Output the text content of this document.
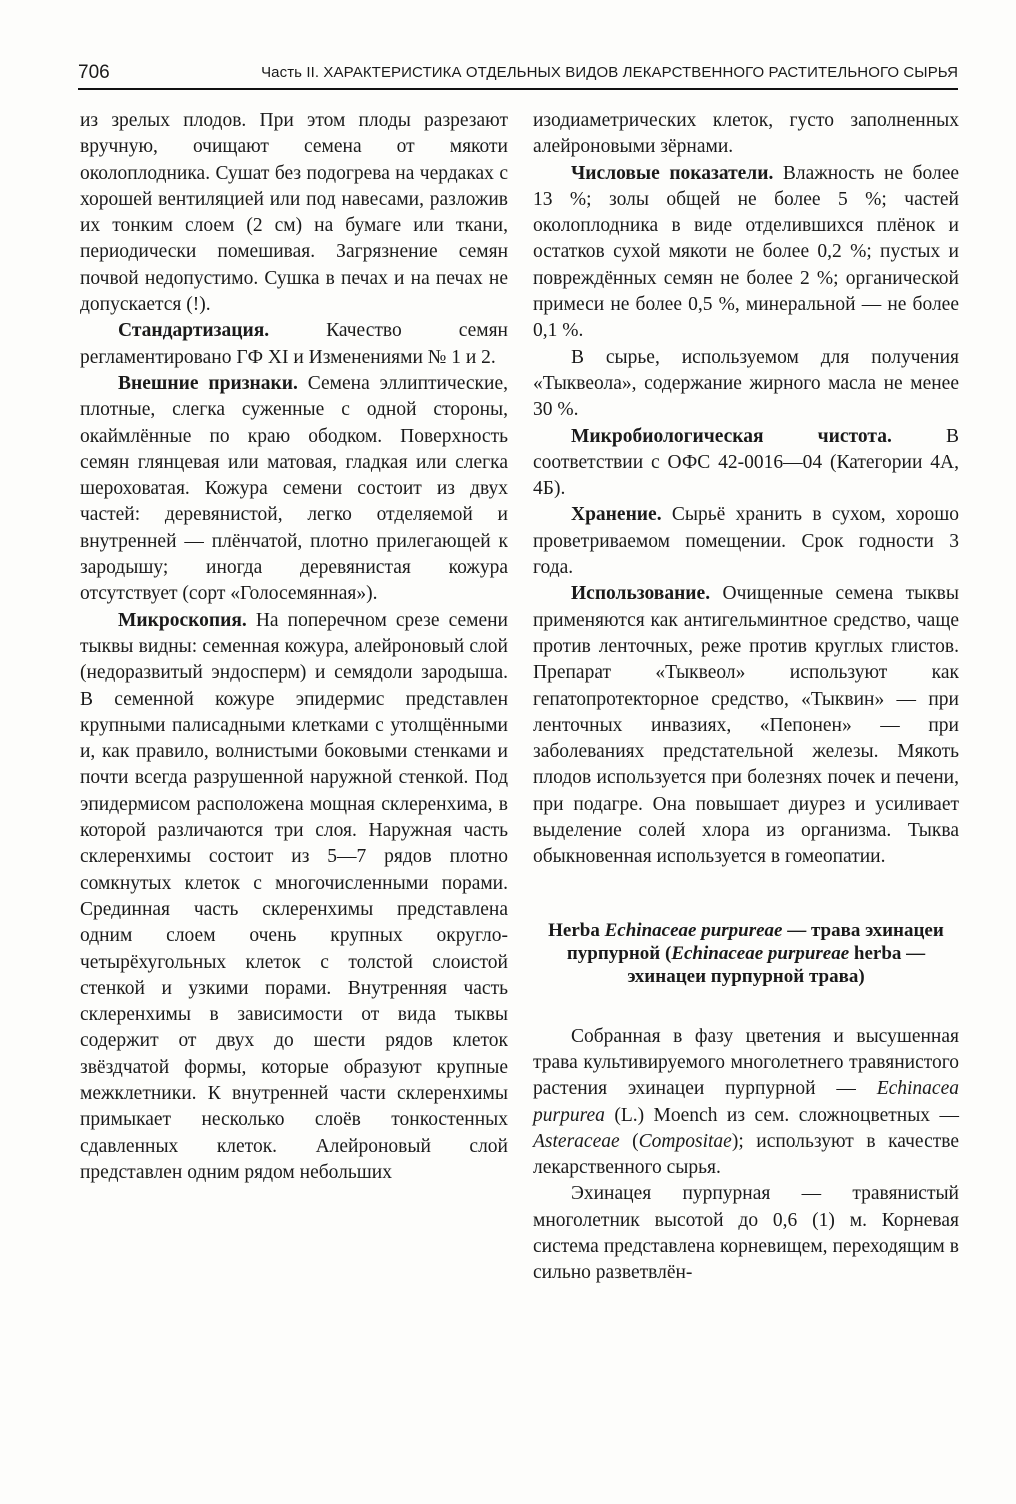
706	Часть II. ХАРАКТЕРИСТИКА ОТДЕЛЬНЫХ ВИДОВ ЛЕКАРСТВЕННОГО РАСТИТЕЛЬНОГО СЫРЬЯ

из зрелых плодов. При этом плоды разрезают вручную, очищают семена от мякоти околоплодника. Сушат без подогрева на чердаках с хорошей вентиляцией или под навесами, разложив их тонким слоем (2 см) на бумаге или ткани, периодически помешивая. Загрязнение семян почвой недопустимо. Сушка в печах и на печах не допускается (!).

Стандартизация. Качество семян регламентировано ГФ XI и Изменениями № 1 и 2.

Внешние признаки. Семена эллиптические, плотные, слегка суженные с одной стороны, окаймлённые по краю ободком. Поверхность семян глянцевая или матовая, гладкая или слегка шероховатая. Кожура семени состоит из двух частей: деревянистой, легко отделяемой и внутренней — плёнчатой, плотно прилегающей к зародышу; иногда деревянистая кожура отсутствует (сорт «Голосемянная»).

Микроскопия. На поперечном срезе семени тыквы видны: семенная кожура, алейроновый слой (недоразвитый эндосперм) и семядоли зародыша. В семенной кожуре эпидермис представлен крупными палисадными клетками с утолщёнными и, как правило, волнистыми боковыми стенками и почти всегда разрушенной наружной стенкой. Под эпидермисом расположена мощная склеренхима, в которой различаются три слоя. Наружная часть склеренхимы состоит из 5—7 рядов плотно сомкнутых клеток с многочисленными порами. Срединная часть склеренхимы представлена одним слоем очень крупных округло-четырёхугольных клеток с толстой слоистой стенкой и узкими порами. Внутренняя часть склеренхимы в зависимости от вида тыквы содержит от двух до шести рядов клеток звёздчатой формы, которые образуют крупные межклетники. К внутренней части склеренхимы примыкает несколько слоёв тонкостенных сдавленных клеток. Алейроновый слой представлен одним рядом небольших

изодиаметрических клеток, густо заполненных алейроновыми зёрнами.

Числовые показатели. Влажность не более 13 %; золы общей не более 5 %; частей околоплодника в виде отделившихся плёнок и остатков сухой мякоти не более 0,2 %; пустых и повреждённых семян не более 2 %; органической примеси не более 0,5 %, минеральной — не более 0,1 %.

В сырье, используемом для получения «Тыквеола», содержание жирного масла не менее 30 %.

Микробиологическая чистота. В соответствии с ОФС 42-0016—04 (Категории 4А, 4Б).

Хранение. Сырьё хранить в сухом, хорошо проветриваемом помещении. Срок годности 3 года.

Использование. Очищенные семена тыквы применяются как антигельминтное средство, чаще против ленточных, реже против круглых глистов. Препарат «Тыквеол» используют как гепатопротекторное средство, «Тыквин» — при ленточных инвазиях, «Пепонен» — при заболеваниях предстательной железы. Мякоть плодов используется при болезнях почек и печени, при подагре. Она повышает диурез и усиливает выделение солей хлора из организма. Тыква обыкновенная используется в гомеопатии.

Herba Echinaceae purpureae — трава эхинацеи пурпурной (Echinaceae purpureae herba — эхинацеи пурпурной трава)

Собранная в фазу цветения и высушенная трава культивируемого многолетнего травянистого растения эхинацеи пурпурной — Echinacea purpurea (L.) Moench из сем. сложноцветных — Asteraceae (Compositae); используют в качестве лекарственного сырья.

Эхинацея пурпурная — травянистый многолетник высотой до 0,6 (1) м. Корневая система представлена корневищем, переходящим в сильно разветвлён-
